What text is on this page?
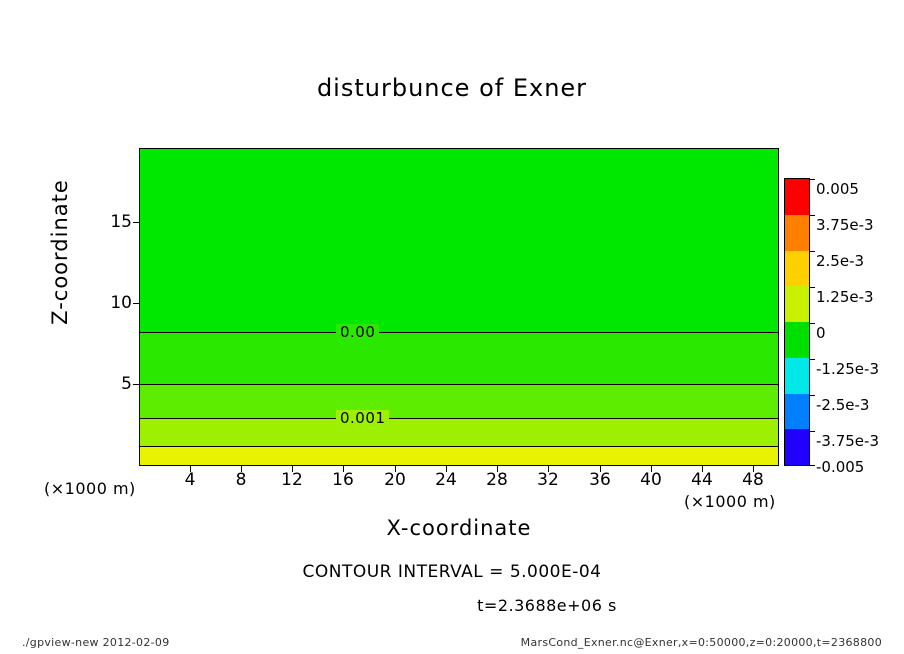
disturbunce of Exner
0.00
0.001
4	8	12	16	20	24	28	32	36	40	44	48
15
10
5
Z-coordinate
X-coordinate
(×1000 m)
(×1000 m)
0.005
3.75e-3
2.5e-3
1.25e-3
0
-1.25e-3
-2.5e-3
-3.75e-3
-0.005
CONTOUR INTERVAL = 5.000E-04
t=2.3688e+06 s
./gpview-new 2012-02-09	MarsCond_Exner.nc@Exner,x=0:50000,z=0:20000,t=2368800
